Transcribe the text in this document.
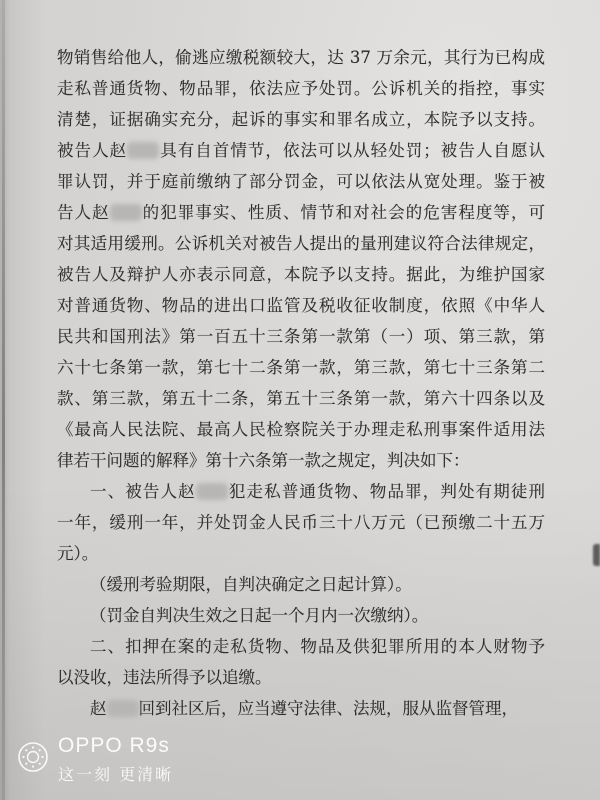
物销售给他人，偷逃应缴税额较大，达 37 万余元，其行为已构成
走私普通货物、物品罪，依法应予处罚。公诉机关的指控，事实
清楚，证据确实充分，起诉的事实和罪名成立，本院予以支持。
被告人赵 具有自首情节，依法可以从轻处罚；被告人自愿认
罪认罚，并于庭前缴纳了部分罚金，可以依法从宽处理。鉴于被
告人赵 的犯罪事实、性质、情节和对社会的危害程度等，可
对其适用缓刑。公诉机关对被告人提出的量刑建议符合法律规定，
被告人及辩护人亦表示同意，本院予以支持。据此，为维护国家
对普通货物、物品的进出口监管及税收征收制度，依照《中华人
民共和国刑法》第一百五十三条第一款第（一）项、第三款，第
六十七条第一款，第七十二条第一款，第三款，第七十三条第二
款、第三款，第五十二条，第五十三条第一款，第六十四条以及
《最高人民法院、最高人民检察院关于办理走私刑事案件适用法
律若干问题的解释》第十六条第一款之规定，判决如下：
一、被告人赵 犯走私普通货物、物品罪，判处有期徒刑
一年，缓刑一年，并处罚金人民币三十八万元（已预缴二十五万
元）。
（缓刑考验期限，自判决确定之日起计算）。
（罚金自判决生效之日起一个月内一次缴纳）。
二、扣押在案的走私货物、物品及供犯罪所用的本人财物予
以没收，违法所得予以追缴。
赵 回到社区后，应当遵守法律、法规，服从监督管理，
OPPO R9s
这一刻 更清晰
